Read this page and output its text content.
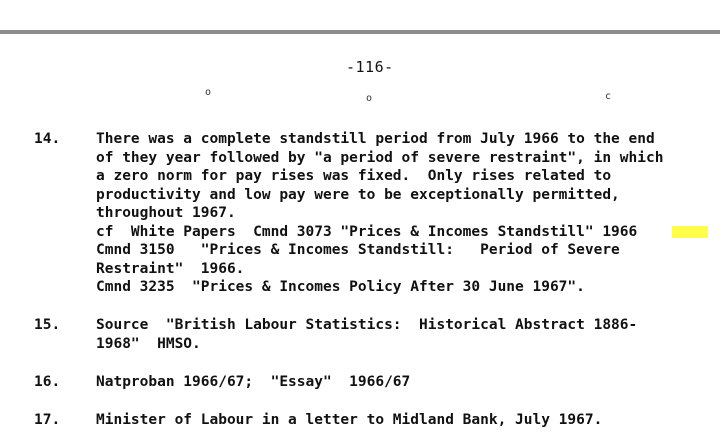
-116-
o
o	c
14. There was a complete standstill period from July 1966 to the end
of they year followed by "a period of severe restraint", in which
a zero norm for pay rises was fixed.  Only rises related to
productivity and low pay were to be exceptionally permitted,
throughout 1967.
cf  White Papers  Cmnd 3073 "Prices & Incomes Standstill" 1966
Cmnd 3150   "Prices & Incomes Standstill:   Period of Severe
Restraint"  1966.
Cmnd 3235  "Prices & Incomes Policy After 30 June 1967".
15. Source  "British Labour Statistics:  Historical Abstract 1886-
1968"  HMSO.
16. Natproban 1966/67;  "Essay"  1966/67
17. Minister of Labour in a letter to Midland Bank, July 1967.
